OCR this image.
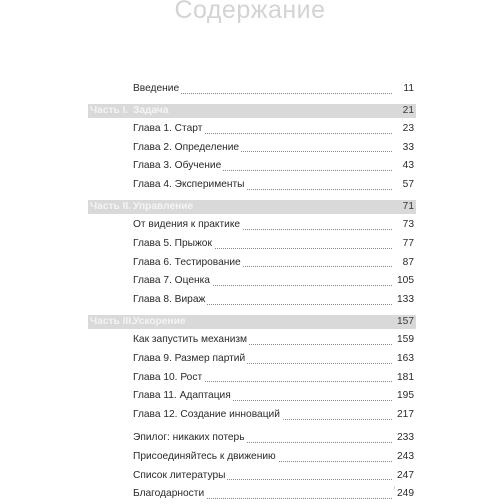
Содержание
Введение	11
Часть I. Задача	21
Глава 1. Старт	23
Глава 2. Определение	33
Глава 3. Обучение	43
Глава 4. Эксперименты	57
Часть II. Управление	71
От видения к практике	73
Глава 5. Прыжок	77
Глава 6. Тестирование	87
Глава 7. Оценка	105
Глава 8. Вираж	133
Часть III. Ускорение	157
Как запустить механизм	159
Глава 9. Размер партий	163
Глава 10. Рост	181
Глава 11. Адаптация	195
Глава 12. Создание инноваций	217
Эпилог: никаких потерь	233
Присоединяйтесь к движению	243
Список литературы	247
Благодарности	249
